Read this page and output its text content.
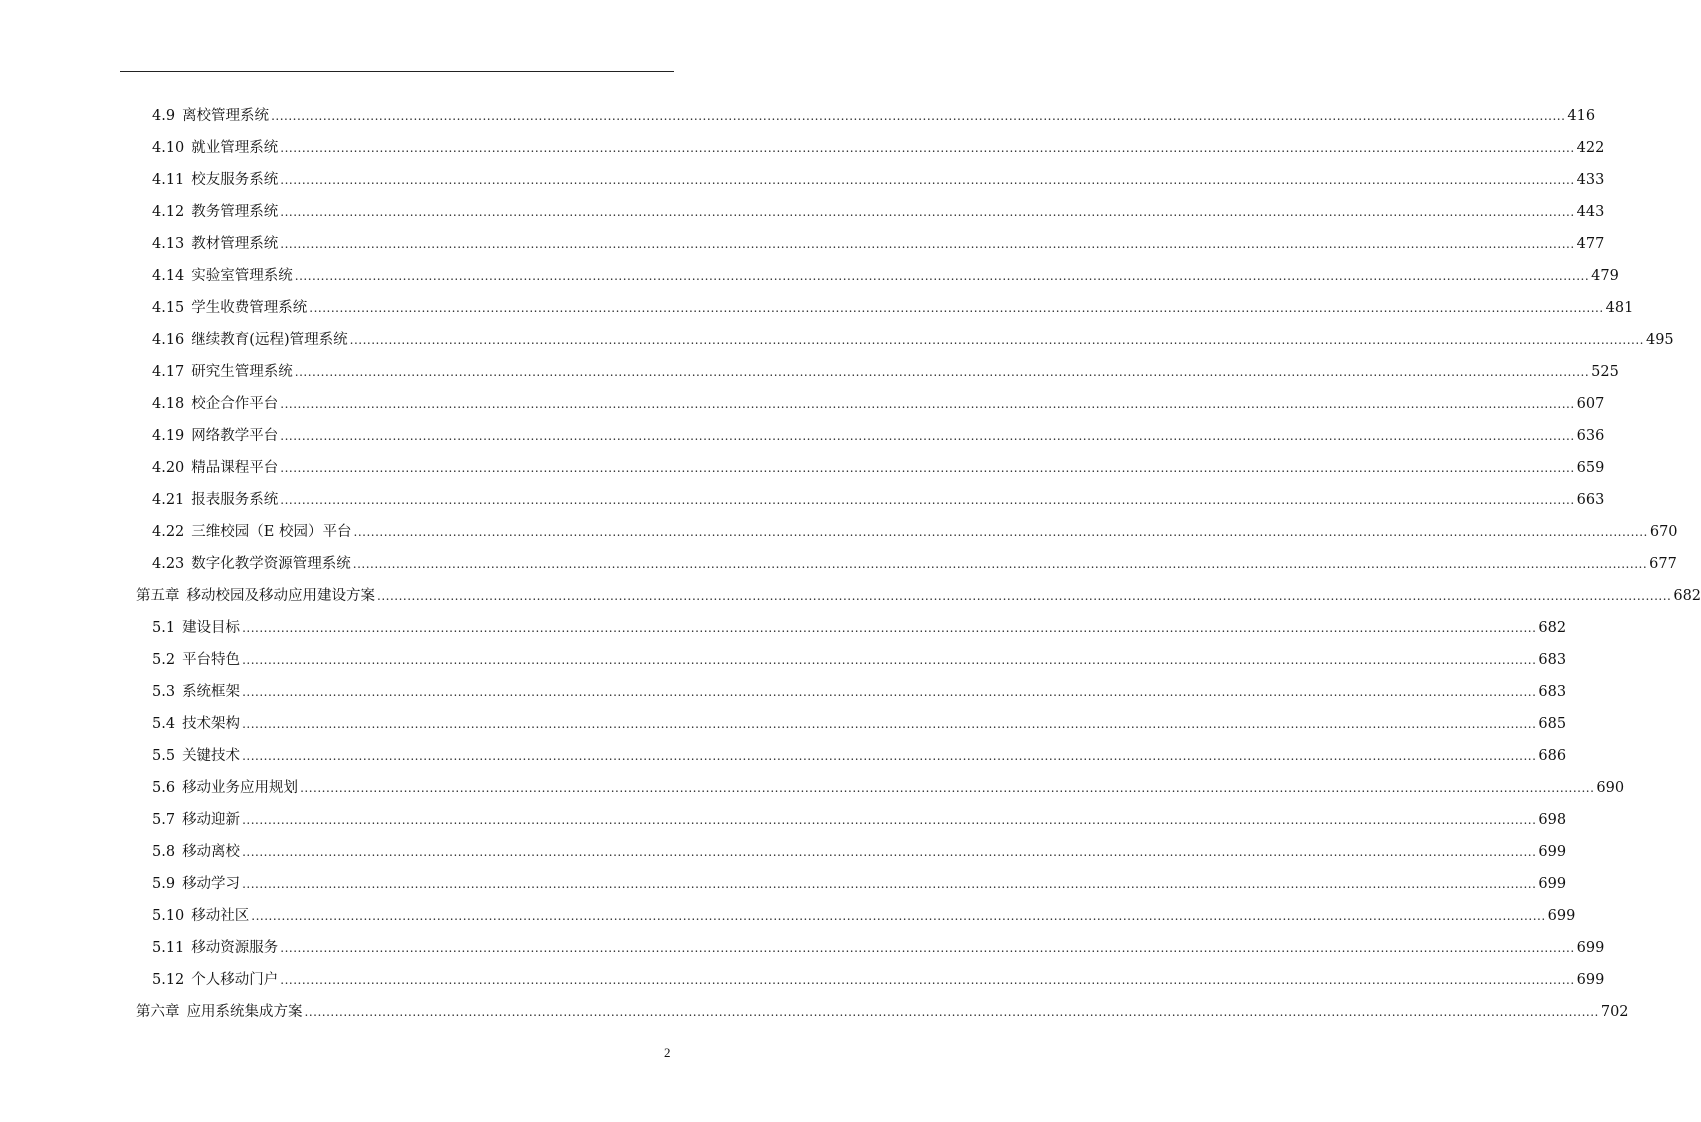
4.9 离校管理系统 ............................................................................................................................................................................................................................................................................................................ 416
4.10 就业管理系统 ............................................................................................................................................................................................................................................................................................................ 422
4.11 校友服务系统 ............................................................................................................................................................................................................................................................................................................ 433
4.12 教务管理系统 ............................................................................................................................................................................................................................................................................................................ 443
4.13 教材管理系统 ............................................................................................................................................................................................................................................................................................................ 477
4.14 实验室管理系统 ............................................................................................................................................................................................................................................................................................................ 479
4.15 学生收费管理系统 ............................................................................................................................................................................................................................................................................................................ 481
4.16 继续教育(远程)管理系统 ............................................................................................................................................................................................................................................................................................................ 495
4.17 研究生管理系统 ............................................................................................................................................................................................................................................................................................................ 525
4.18 校企合作平台 ............................................................................................................................................................................................................................................................................................................ 607
4.19 网络教学平台 ............................................................................................................................................................................................................................................................................................................ 636
4.20 精品课程平台 ............................................................................................................................................................................................................................................................................................................ 659
4.21 报表服务系统 ............................................................................................................................................................................................................................................................................................................ 663
4.22 三维校园（E 校园）平台 ............................................................................................................................................................................................................................................................................................................ 670
4.23 数字化教学资源管理系统 ............................................................................................................................................................................................................................................................................................................ 677
第五章 移动校园及移动应用建设方案 ............................................................................................................................................................................................................................................................................................................ 682
5.1 建设目标 ............................................................................................................................................................................................................................................................................................................ 682
5.2 平台特色 ............................................................................................................................................................................................................................................................................................................ 683
5.3 系统框架 ............................................................................................................................................................................................................................................................................................................ 683
5.4 技术架构 ............................................................................................................................................................................................................................................................................................................ 685
5.5 关键技术 ............................................................................................................................................................................................................................................................................................................ 686
5.6 移动业务应用规划 ............................................................................................................................................................................................................................................................................................................ 690
5.7 移动迎新 ............................................................................................................................................................................................................................................................................................................ 698
5.8 移动离校 ............................................................................................................................................................................................................................................................................................................ 699
5.9 移动学习 ............................................................................................................................................................................................................................................................................................................ 699
5.10 移动社区 ............................................................................................................................................................................................................................................................................................................ 699
5.11 移动资源服务 ............................................................................................................................................................................................................................................................................................................ 699
5.12 个人移动门户 ............................................................................................................................................................................................................................................................................................................ 699
第六章 应用系统集成方案 ............................................................................................................................................................................................................................................................................................................ 702
2
